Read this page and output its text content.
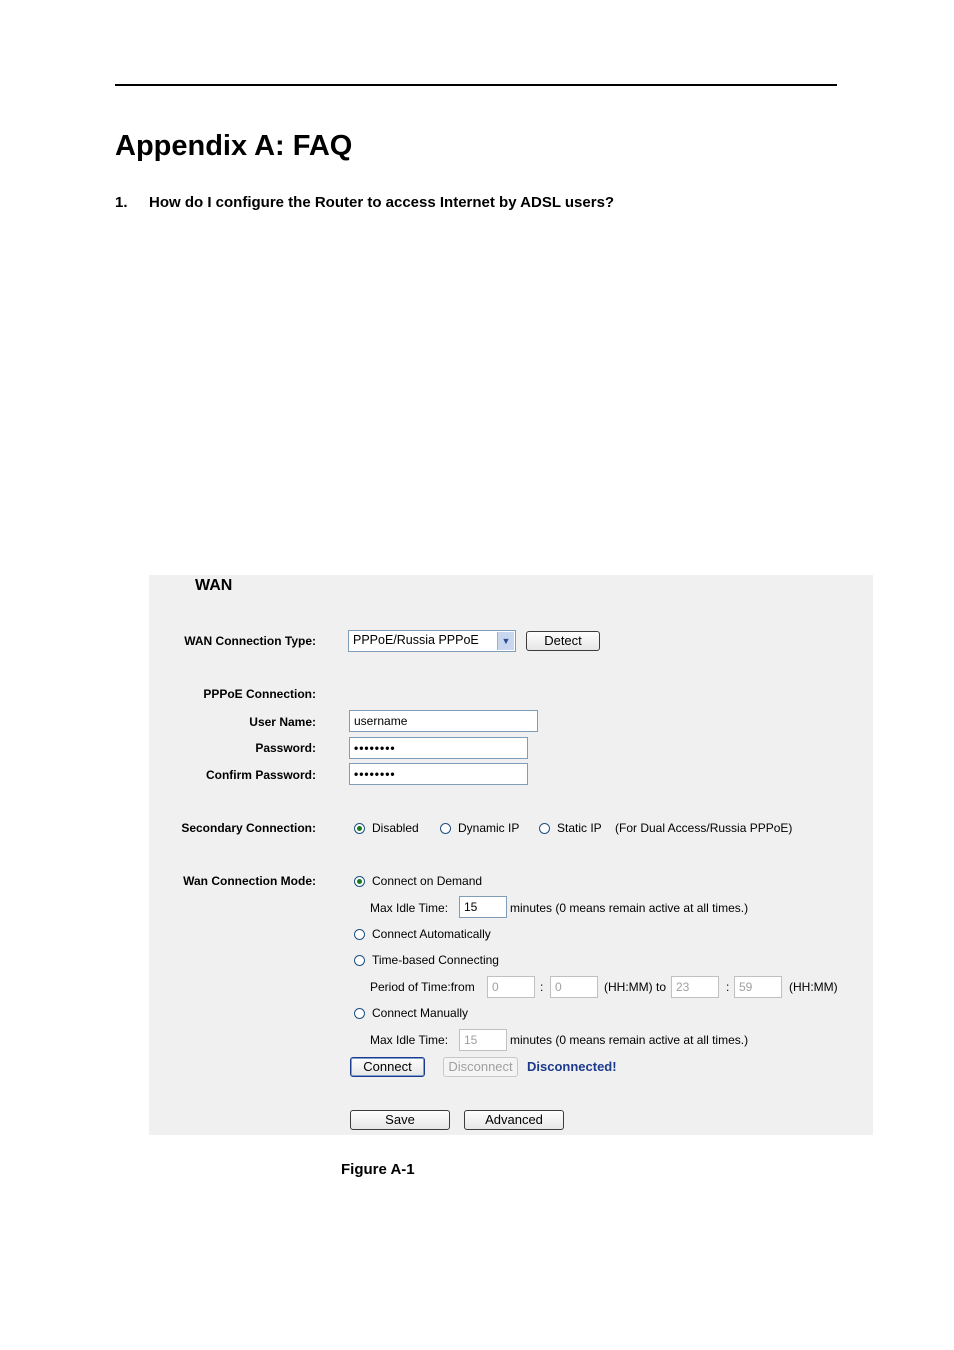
Appendix A: FAQ
1. How do I configure the Router to access Internet by ADSL users?
WAN
WAN Connection Type:	PPPoE/Russia PPPoE	▼	Detect
PPPoE Connection:
User Name:	username
Password:	••••••••
Confirm Password:	••••••••
Secondary Connection:	Disabled	Dynamic IP	Static IP (For Dual Access/Russia PPPoE)
Wan Connection Mode:	Connect on Demand
Max Idle Time:	15	minutes (0 means remain active at all times.)
Connect Automatically
Time-based Connecting
Period of Time:from	0	: 0	(HH:MM) to 23	: 59	(HH:MM)
Connect Manually
Max Idle Time:	15	minutes (0 means remain active at all times.)
Connect	Disconnect	Disconnected!
Save	Advanced
Figure A-1
